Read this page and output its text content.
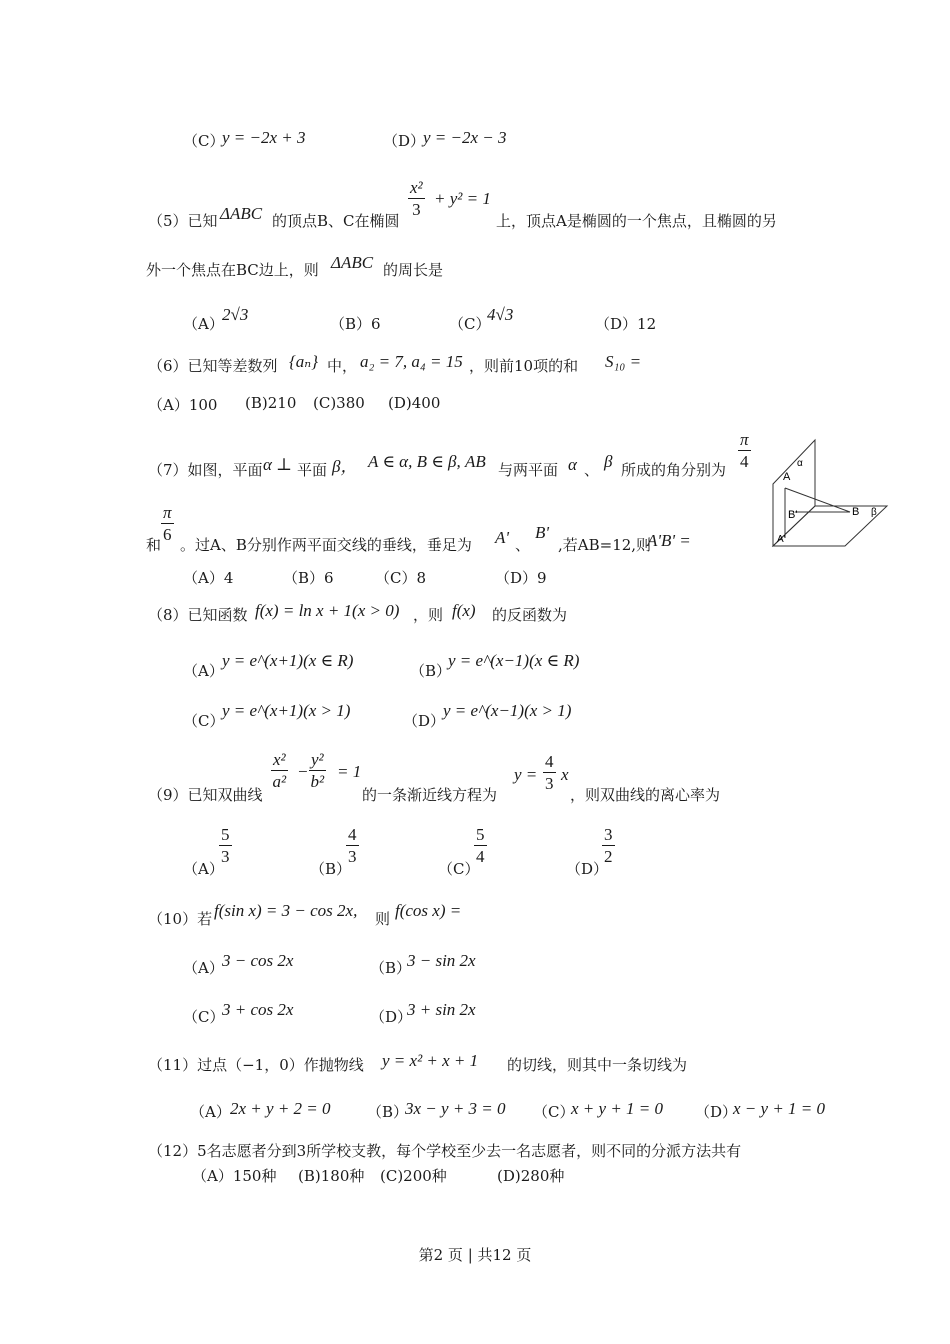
（C）
y = −2x + 3	（D）
y = −2x − 3
（5）已知 ΔABC 的顶点B、C在椭圆 $\frac{\text{x²}}{3} + y^2 = 1$
上，顶点A是椭圆的一个焦点，且椭圆的另
外一个焦点在BC边上，则 ΔABC 的周长是
（A）
2√3	（B）6	（C）
4√3	（D）12
（6）已知等差数列 {aₙ} 中， a₂ = 7, a₄ = 15 ，则前10项的和 S₁₀ =
（A）100 (B)210 (C)380 (D)400
（7）如图，平面 α ⊥ 平面 β， A ∈ α, B ∈ β, AB 与两平面 α 、 β 所成的角分别为 $\frac{\pi}{4}$
和 $\frac{\pi}{6}$ 。过A、B分别作两平面交线的垂线，垂足为 A' 、
B'
,若AB=12,则
A'B' =
（A）4	（B）6	（C）8	（D）9
α
A
B β
B'
A'
（8）已知函数 f(x) = ln x + 1(x > 0) ，则 f(x) 的反函数为
（A）
y = e^(x+1)(x ∈ R)
（B）
y = e^(x−1)(x ∈ R)
（C）
y = e^(x+1)(x > 1)
（D）
y = e^(x−1)(x > 1)
（9）已知双曲线
$\frac{\text{x²}}{\text{a²}} - \frac{\text{y²}}{\text{b²}} = 1$
的一条渐近线方程为
$y = \frac{4}{3}$ x
，则双曲线的离心率为
（A）
$\frac{5}{3}$
（B）
$\frac{4}{3}$
（C）
$\frac{5}{4}$
（D）
$\frac{3}{2}$
（10）若 f(sin x) = 3 − cos 2x, 则 f(cos x) =
（A）
3 − cos 2x	（B）
3 − sin 2x
（C）
3 + cos 2x	（D）
3 + sin 2x
（11）过点（−1，0）作抛物线 y = x² + x + 1 的切线，则其中一条切线为
（A） 2x + y + 2 = 0 （B）
3x − y + 3 = 0 （C）
x + y + 1 = 0 （D）
x − y + 1 = 0
（12）5名志愿者分到3所学校支教，每个学校至少去一名志愿者，则不同的分派方法共有
（A）150种 (B)180种 (C)200种	(D)280种
第2 页 | 共12 页
